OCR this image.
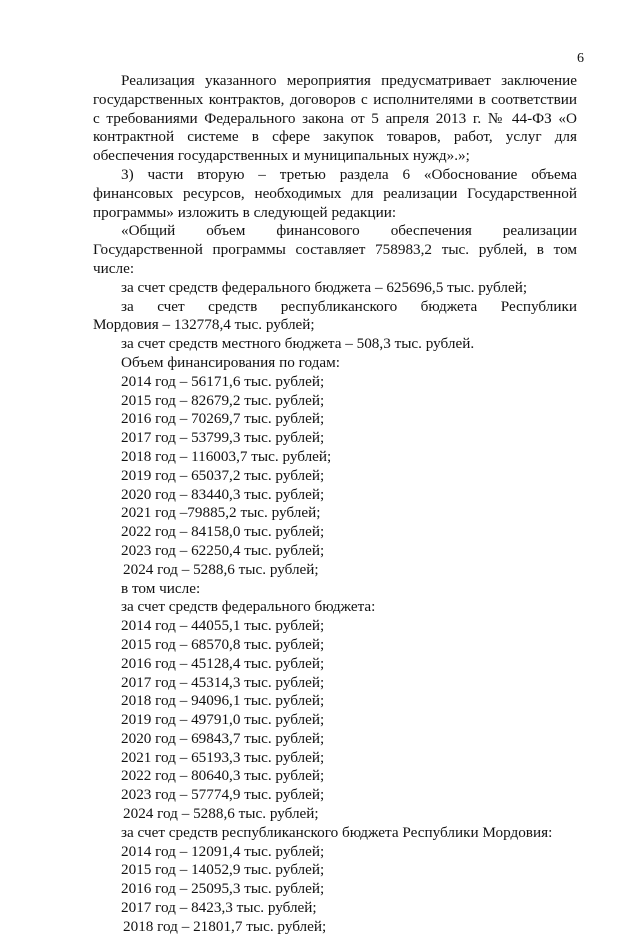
6

Реализация указанного мероприятия предусматривает заключение государственных контрактов, договоров с исполнителями в соответствии с требованиями Федерального закона от 5 апреля 2013 г. № 44-ФЗ «О контрактной системе в сфере закупок товаров, работ, услуг для обеспечения государственных и муниципальных нужд».»;

3) части вторую – третью раздела 6 «Обоснование объема финансовых ресурсов, необходимых для реализации Государственной программы» изложить в следующей редакции:

«Общий объем финансового обеспечения реализации Государственной программы составляет 758983,2 тыс. рублей, в том числе:

за счет средств федерального бюджета – 625696,5 тыс. рублей;

за счет средств республиканского бюджета Республики

Мордовия – 132778,4 тыс. рублей;

за счет средств местного бюджета – 508,3 тыс. рублей.

Объем финансирования по годам:

2014 год – 56171,6 тыс. рублей;

2015 год – 82679,2 тыс. рублей;

2016 год – 70269,7 тыс. рублей;

2017 год – 53799,3 тыс. рублей;

2018 год – 116003,7 тыс. рублей;

2019 год – 65037,2 тыс. рублей;

2020 год – 83440,3 тыс. рублей;

2021 год –79885,2 тыс. рублей;

2022 год – 84158,0 тыс. рублей;

2023 год – 62250,4 тыс. рублей;

2024 год – 5288,6 тыс. рублей;

в том числе:

за счет средств федерального бюджета:

2014 год – 44055,1 тыс. рублей;

2015 год – 68570,8 тыс. рублей;

2016 год – 45128,4 тыс. рублей;

2017 год – 45314,3 тыс. рублей;

2018 год – 94096,1 тыс. рублей;

2019 год – 49791,0 тыс. рублей;

2020 год – 69843,7 тыс. рублей;

2021 год – 65193,3 тыс. рублей;

2022 год – 80640,3 тыс. рублей;

2023 год – 57774,9 тыс. рублей;

2024 год – 5288,6 тыс. рублей;

за счет средств республиканского бюджета Республики Мордовия:

2014 год – 12091,4 тыс. рублей;

2015 год – 14052,9 тыс. рублей;

2016 год – 25095,3 тыс. рублей;

2017 год – 8423,3 тыс. рублей;

2018 год – 21801,7 тыс. рублей;
